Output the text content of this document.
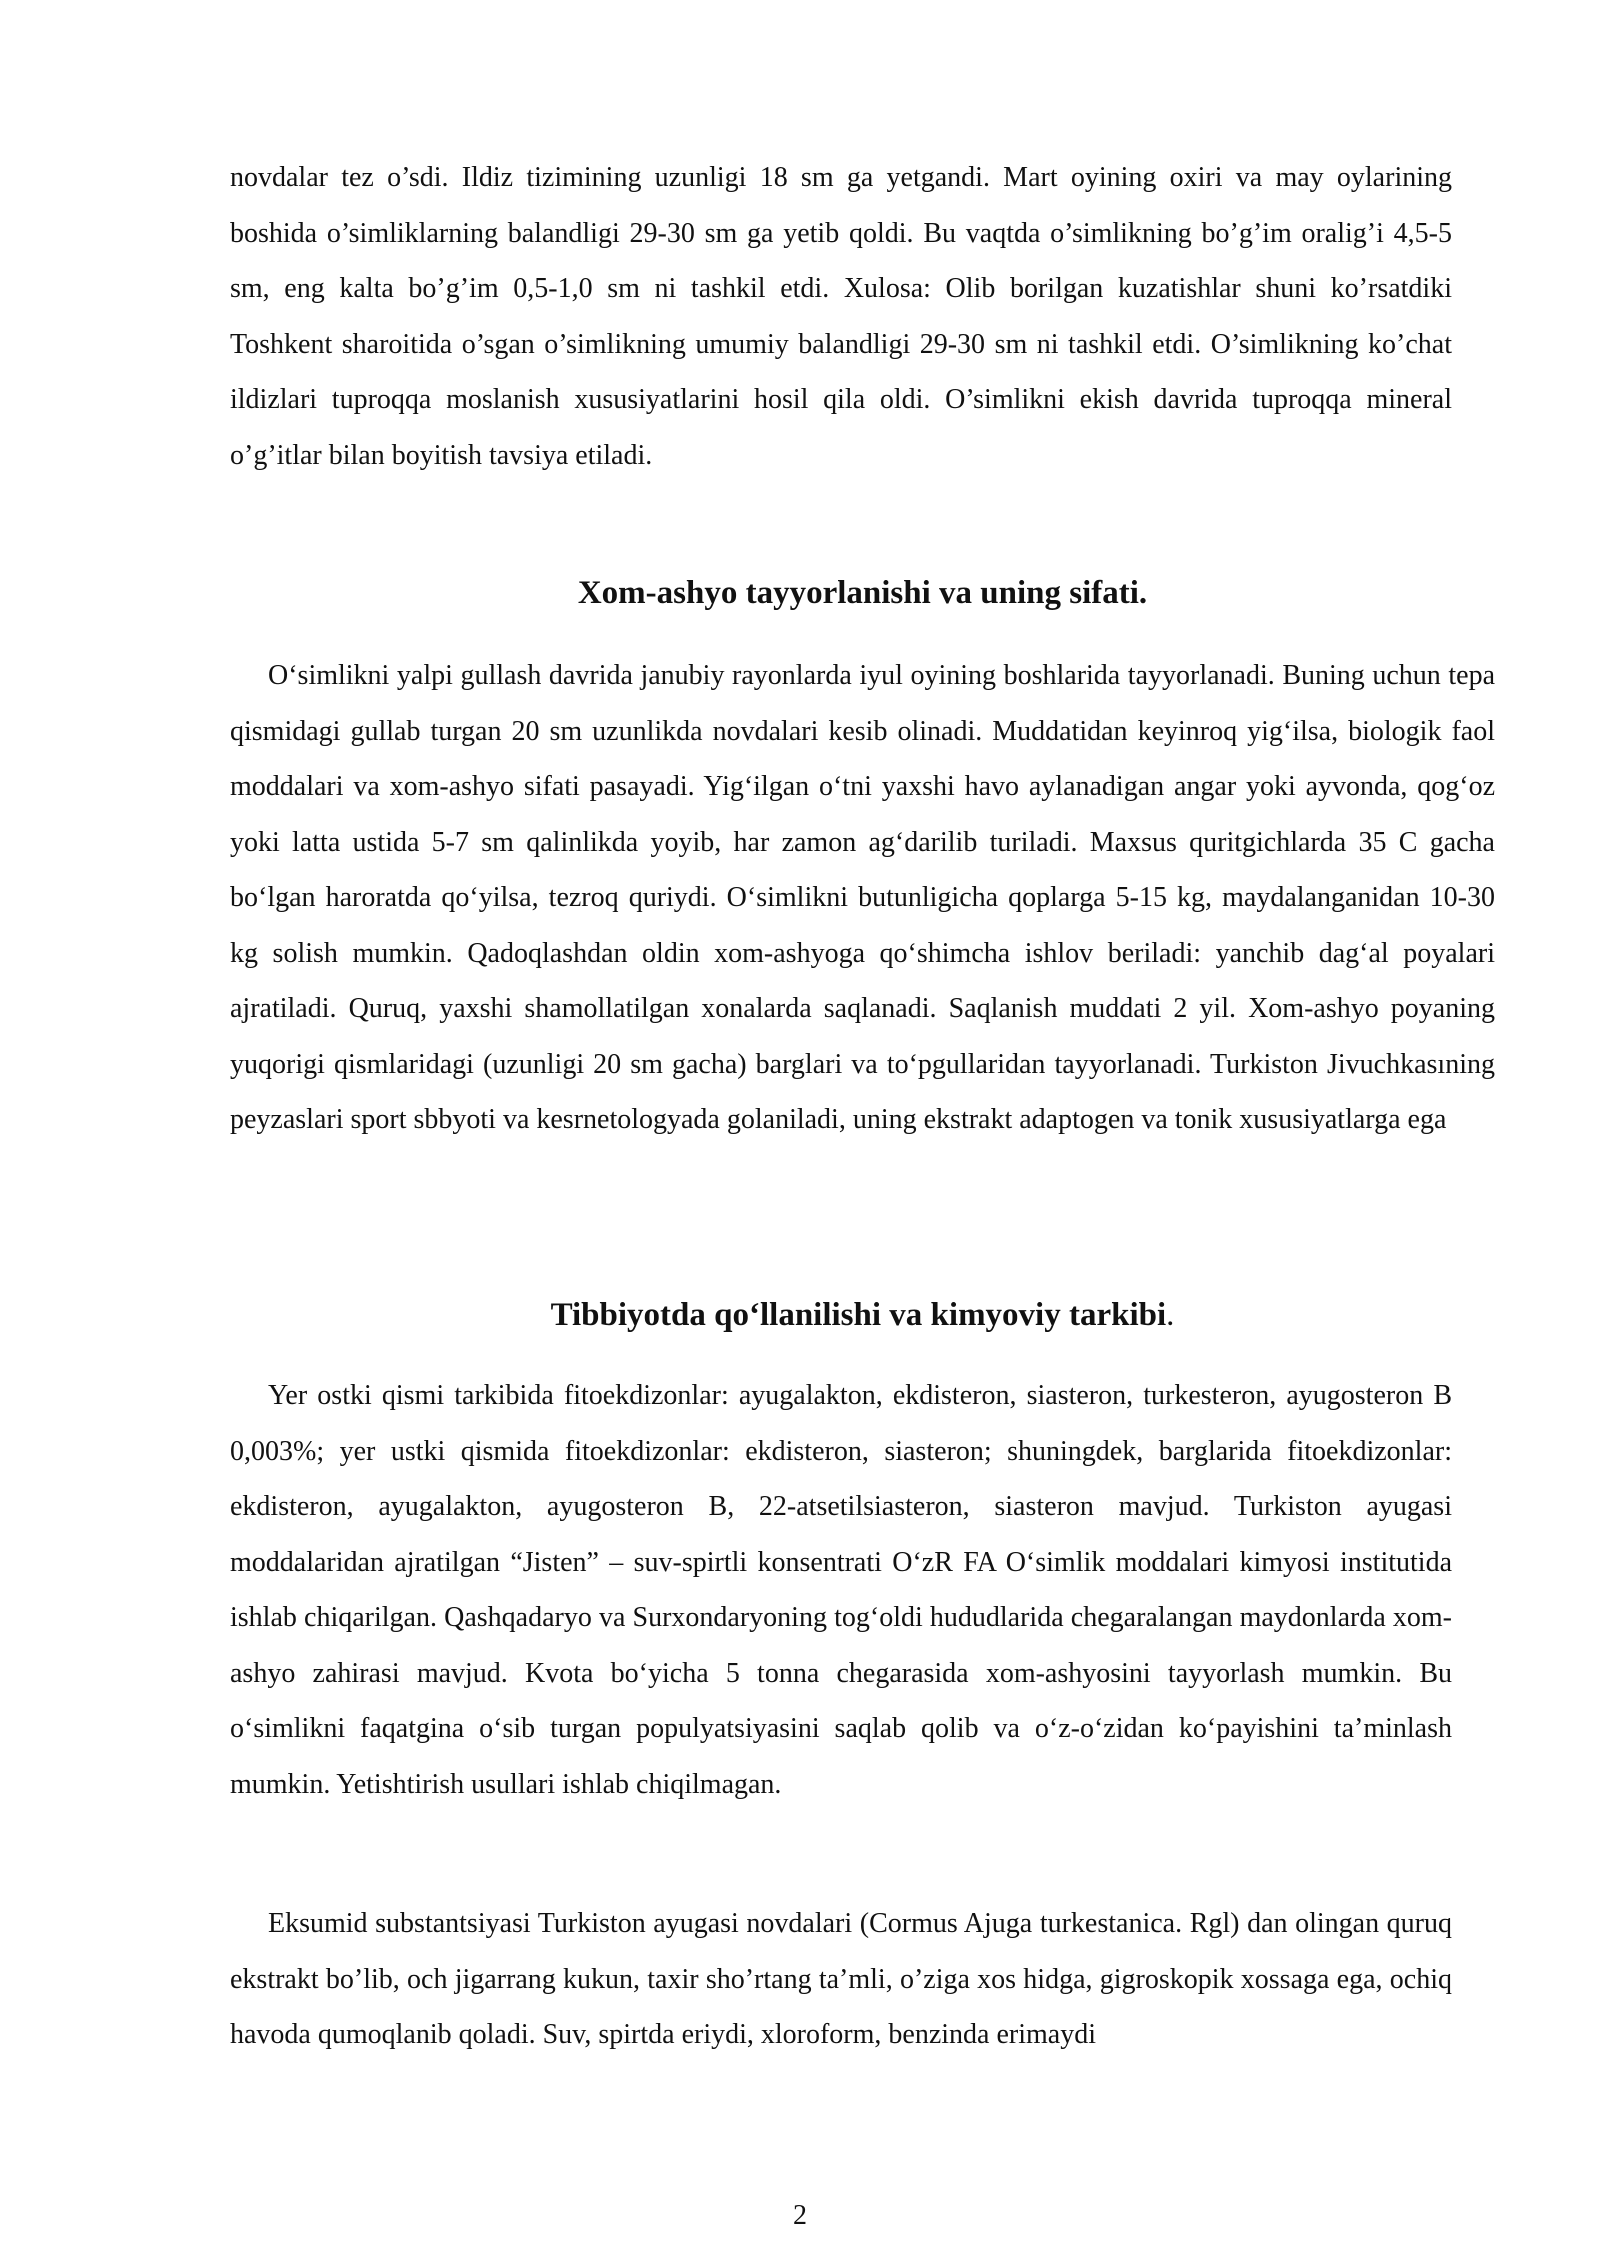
novdalar tez o’sdi. Ildiz tizimining uzunligi 18 sm ga yetgandi. Mart oyining oxiri va may oylarining boshida o’simliklarning balandligi 29-30 sm ga yetib qoldi. Bu vaqtda o’simlikning bo’g’im oralig’i 4,5-5 sm, eng kalta bo’g’im 0,5-1,0 sm ni tashkil etdi. Xulosa: Olib borilgan kuzatishlar shuni ko’rsatdiki Toshkent sharoitida o’sgan o’simlikning umumiy balandligi 29-30 sm ni tashkil etdi. O’simlikning ko’chat ildizlari tuproqqa moslanish xususiyatlarini hosil qila oldi. O’simlikni ekish davrida tuproqqa mineral o’g’itlar bilan boyitish tavsiya etiladi.

Xom-ashyo tayyorlanishi va uning sifati.

O‘simlikni yalpi gullash davrida janubiy rayonlarda iyul oyining boshlarida tayyorlanadi. Buning uchun tepa qismidagi gullab turgan 20 sm uzunlikda novdalari kesib olinadi. Muddatidan keyinroq yig‘ilsa, biologik faol moddalari va xom-ashyo sifati pasayadi. Yig‘ilgan o‘tni yaxshi havo aylanadigan angar yoki ayvonda, qog‘oz yoki latta ustida 5-7 sm qalinlikda yoyib, har zamon ag‘darilib turiladi. Maxsus quritgichlarda 35 C gacha bo‘lgan haroratda qo‘yilsa, tezroq quriydi. O‘simlikni butunligicha qoplarga 5-15 kg, maydalanganidan 10-30 kg solish mumkin. Qadoqlashdan oldin xom-ashyoga qo‘shimcha ishlov beriladi: yanchib dag‘al poyalari ajratiladi. Quruq, yaxshi shamollatilgan xonalarda saqlanadi. Saqlanish muddati 2 yil. Xom-ashyo poyaning yuqorigi qismlaridagi (uzunligi 20 sm gacha) barglari va to‘pgullaridan tayyorlanadi. Turkiston Jivuchkasıning peyzaslari sport sbbyoti va kesrnetologyada golaniladi, uning ekstrakt adaptogen va tonik xususiyatlarga ega

Tibbiyotda qo‘llanilishi va kimyoviy tarkibi.

Yer ostki qismi tarkibida fitoekdizonlar: ayugalakton, ekdisteron, siasteron, turkesteron, ayugosteron B 0,003%; yer ustki qismida fitoekdizonlar: ekdisteron, siasteron; shuningdek, barglarida fitoekdizonlar: ekdisteron, ayugalakton, ayugosteron B, 22-atsetilsiasteron, siasteron mavjud. Turkiston ayugasi moddalaridan ajratilgan “Jisten” – suv-spirtli konsentrati O‘zR FA O‘simlik moddalari kimyosi institutida ishlab chiqarilgan. Qashqadaryo va Surxondaryoning tog‘oldi hududlarida chegaralangan maydonlarda xom-ashyo zahirasi mavjud. Kvota bo‘yicha 5 tonna chegarasida xom-ashyosini tayyorlash mumkin. Bu o‘simlikni faqatgina o‘sib turgan populyatsiyasini saqlab qolib va o‘z-o‘zidan ko‘payishini ta’minlash mumkin. Yetishtirish usullari ishlab chiqilmagan.

Eksumid substantsiyasi Turkiston ayugasi novdalari (Cormus Ajuga turkestanica. Rgl) dan olingan quruq ekstrakt bo’lib, och jigarrang kukun, taxir sho’rtang ta’mli, o’ziga xos hidga, gigroskopik xossaga ega, ochiq havoda qumoqlanib qoladi. Suv, spirtda eriydi, xloroform, benzinda erimaydi

2
